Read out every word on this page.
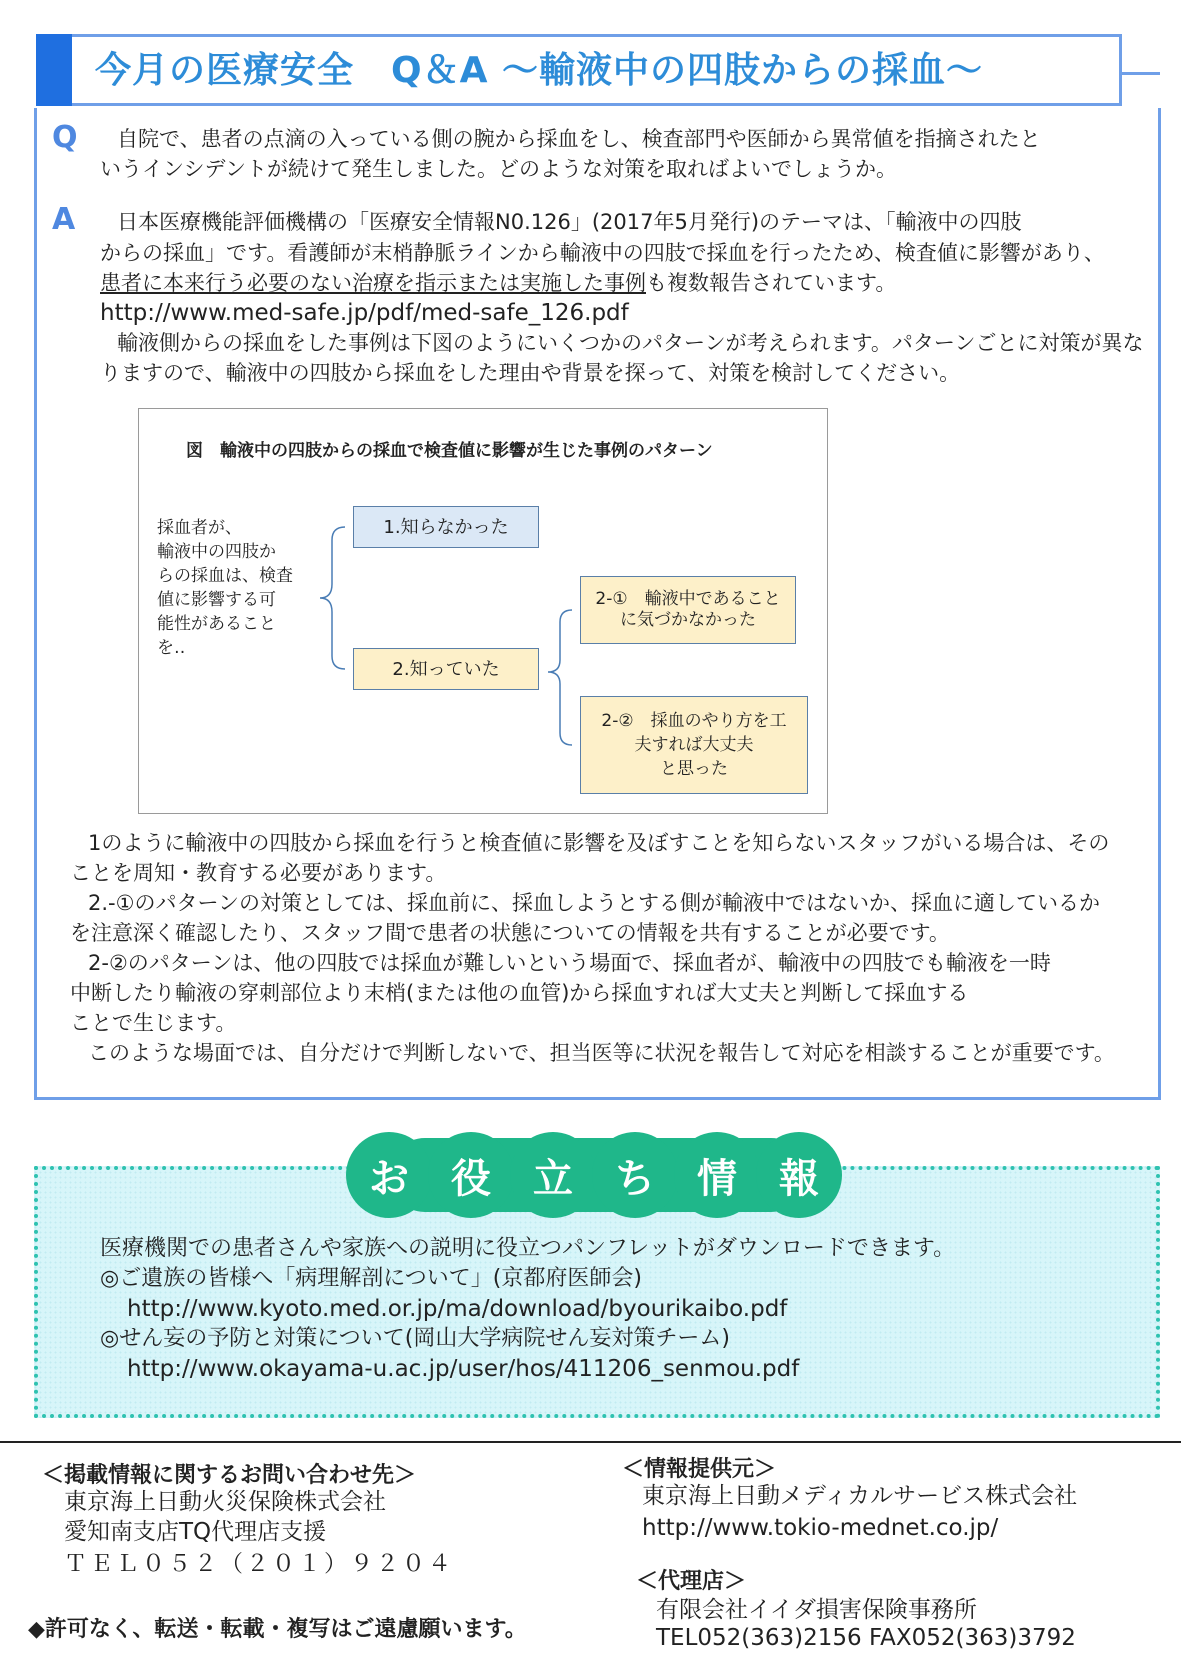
今月の医療安全　Q＆A ～輸液中の四肢からの採血～
Q 自院で、患者の点滴の入っている側の腕から採血をし、検査部門や医師から異常値を指摘されたと
いうインシデントが続けて発生しました。どのような対策を取ればよいでしょうか。
A 日本医療機能評価機構の「医療安全情報N0.126」(2017年5月発行)のテーマは、「輸液中の四肢
からの採血」です。看護師が末梢静脈ラインから輸液中の四肢で採血を行ったため、検査値に影響があり、
患者に本来行う必要のない治療を指示または実施した事例も複数報告されています。
http://www.med-safe.jp/pdf/med-safe_126.pdf
輸液側からの採血をした事例は下図のようにいくつかのパターンが考えられます。パターンごとに対策が異な
りますので、輸液中の四肢から採血をした理由や背景を探って、対策を検討してください。
図　輸液中の四肢からの採血で検査値に影響が生じた事例のパターン
採血者が、
輸液中の四肢か
らの採血は、検査
値に影響する可
能性があること
を‥
1.知らなかった
2.知っていた
2‐①　輸液中であること
に気づかなかった
2‐②　採血のやり方を工
夫すれば大丈夫
と思った
1のように輸液中の四肢から採血を行うと検査値に影響を及ぼすことを知らないスタッフがいる場合は、その
ことを周知・教育する必要があります。
2.-①のパターンの対策としては、採血前に、採血しようとする側が輸液中ではないか、採血に適しているか
を注意深く確認したり、スタッフ間で患者の状態についての情報を共有することが必要です。
2-②のパターンは、他の四肢では採血が難しいという場面で、採血者が、輸液中の四肢でも輸液を一時
中断したり輸液の穿刺部位より末梢(または他の血管)から採血すれば大丈夫と判断して採血する
ことで生じます。
このような場面では、自分だけで判断しないで、担当医等に状況を報告して対応を相談することが重要です。
お	役	立	ち	情	報
医療機関での患者さんや家族への説明に役立つパンフレットがダウンロードできます。
◎ご遺族の皆様へ「病理解剖について」(京都府医師会)
http://www.kyoto.med.or.jp/ma/download/byourikaibo.pdf
◎せん妄の予防と対策について(岡山大学病院せん妄対策チーム)
http://www.okayama-u.ac.jp/user/hos/411206_senmou.pdf
＜掲載情報に関するお問い合わせ先＞
東京海上日動火災保険株式会社
愛知南支店TQ代理店支援
ＴＥＬ０５２（２０１）９２０４
◆許可なく、転送・転載・複写はご遠慮願います。
＜情報提供元＞
東京海上日動メディカルサービス株式会社
http://www.tokio-mednet.co.jp/
＜代理店＞
有限会社イイダ損害保険事務所
TEL052(363)2156 FAX052(363)3792
